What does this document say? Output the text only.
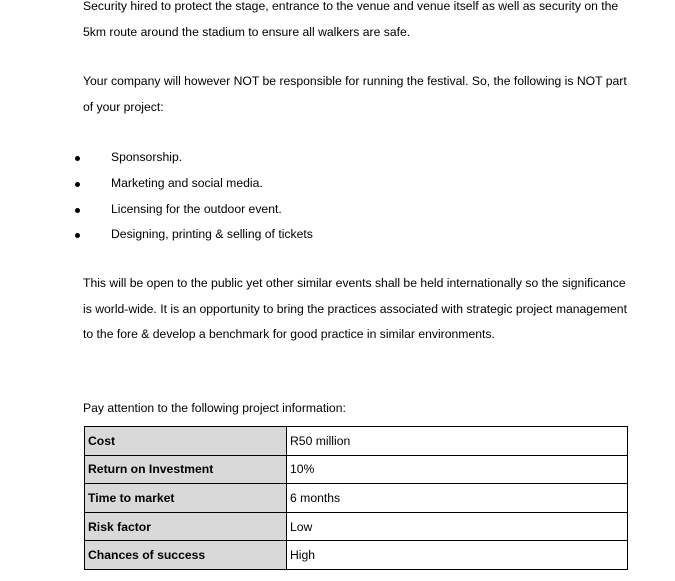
Security hired to protect the stage, entrance to the venue and venue itself as well as security on the 5km route around the stadium to ensure all walkers are safe.

Your company will however NOT be responsible for running the festival. So, the following is NOT part of your project:

Sponsorship.
Marketing and social media.
Licensing for the outdoor event.
Designing, printing & selling of tickets

This will be open to the public yet other similar events shall be held internationally so the significance is world-wide. It is an opportunity to bring the practices associated with strategic project management to the fore & develop a benchmark for good practice in similar environments.

Pay attention to the following project information:

Cost	R50 million
Return on Investment	10%
Time to market	6 months
Risk factor	Low
Chances of success	High
